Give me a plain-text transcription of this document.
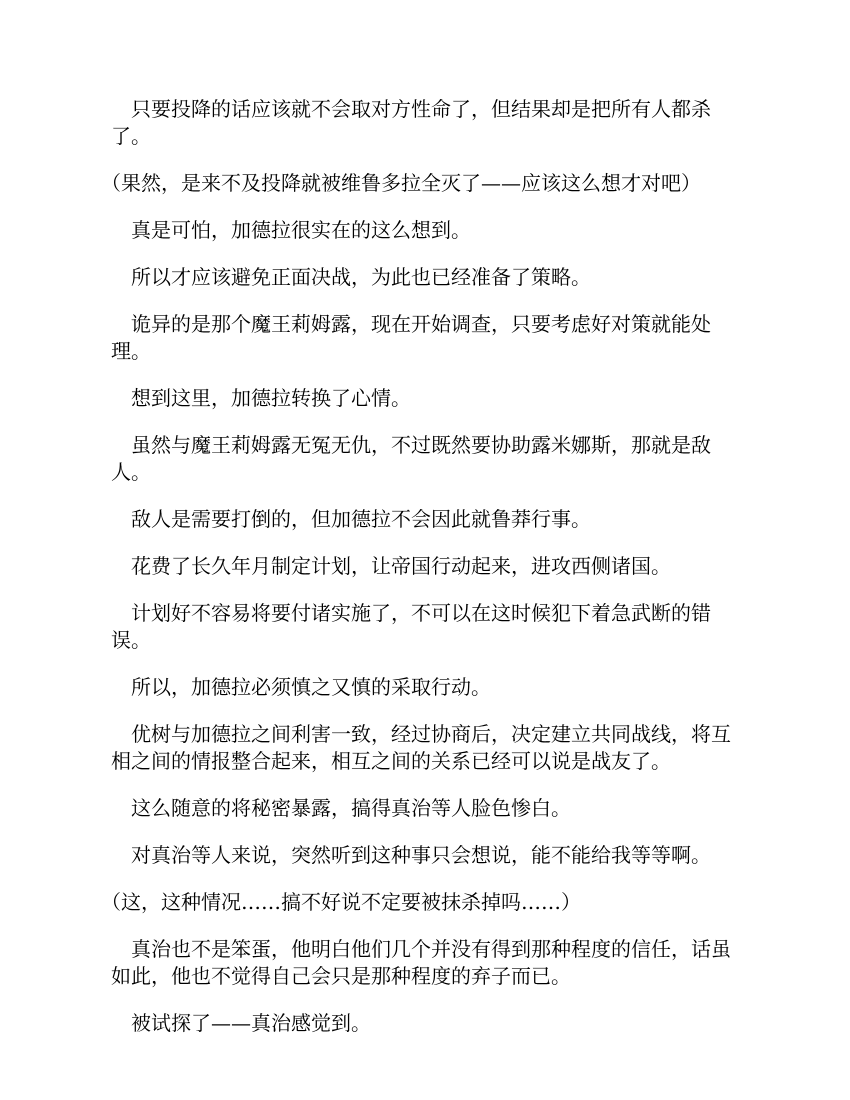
只要投降的话应该就不会取对方性命了，但结果却是把所有人都杀了。

（果然，是来不及投降就被维鲁多拉全灭了——应该这么想才对吧）

真是可怕，加德拉很实在的这么想到。

所以才应该避免正面决战，为此也已经准备了策略。

诡异的是那个魔王莉姆露，现在开始调查，只要考虑好对策就能处理。

想到这里，加德拉转换了心情。

虽然与魔王莉姆露无冤无仇，不过既然要协助露米娜斯，那就是敌人。

敌人是需要打倒的，但加德拉不会因此就鲁莽行事。

花费了长久年月制定计划，让帝国行动起来，进攻西侧诸国。

计划好不容易将要付诸实施了，不可以在这时候犯下着急武断的错误。

所以，加德拉必须慎之又慎的采取行动。

优树与加德拉之间利害一致，经过协商后，决定建立共同战线，将互相之间的情报整合起来，相互之间的关系已经可以说是战友了。

这么随意的将秘密暴露，搞得真治等人脸色惨白。

对真治等人来说，突然听到这种事只会想说，能不能给我等等啊。

（这，这种情况……搞不好说不定要被抹杀掉吗……）

真治也不是笨蛋，他明白他们几个并没有得到那种程度的信任，话虽如此，他也不觉得自己会只是那种程度的弃子而已。

被试探了——真治感觉到。
